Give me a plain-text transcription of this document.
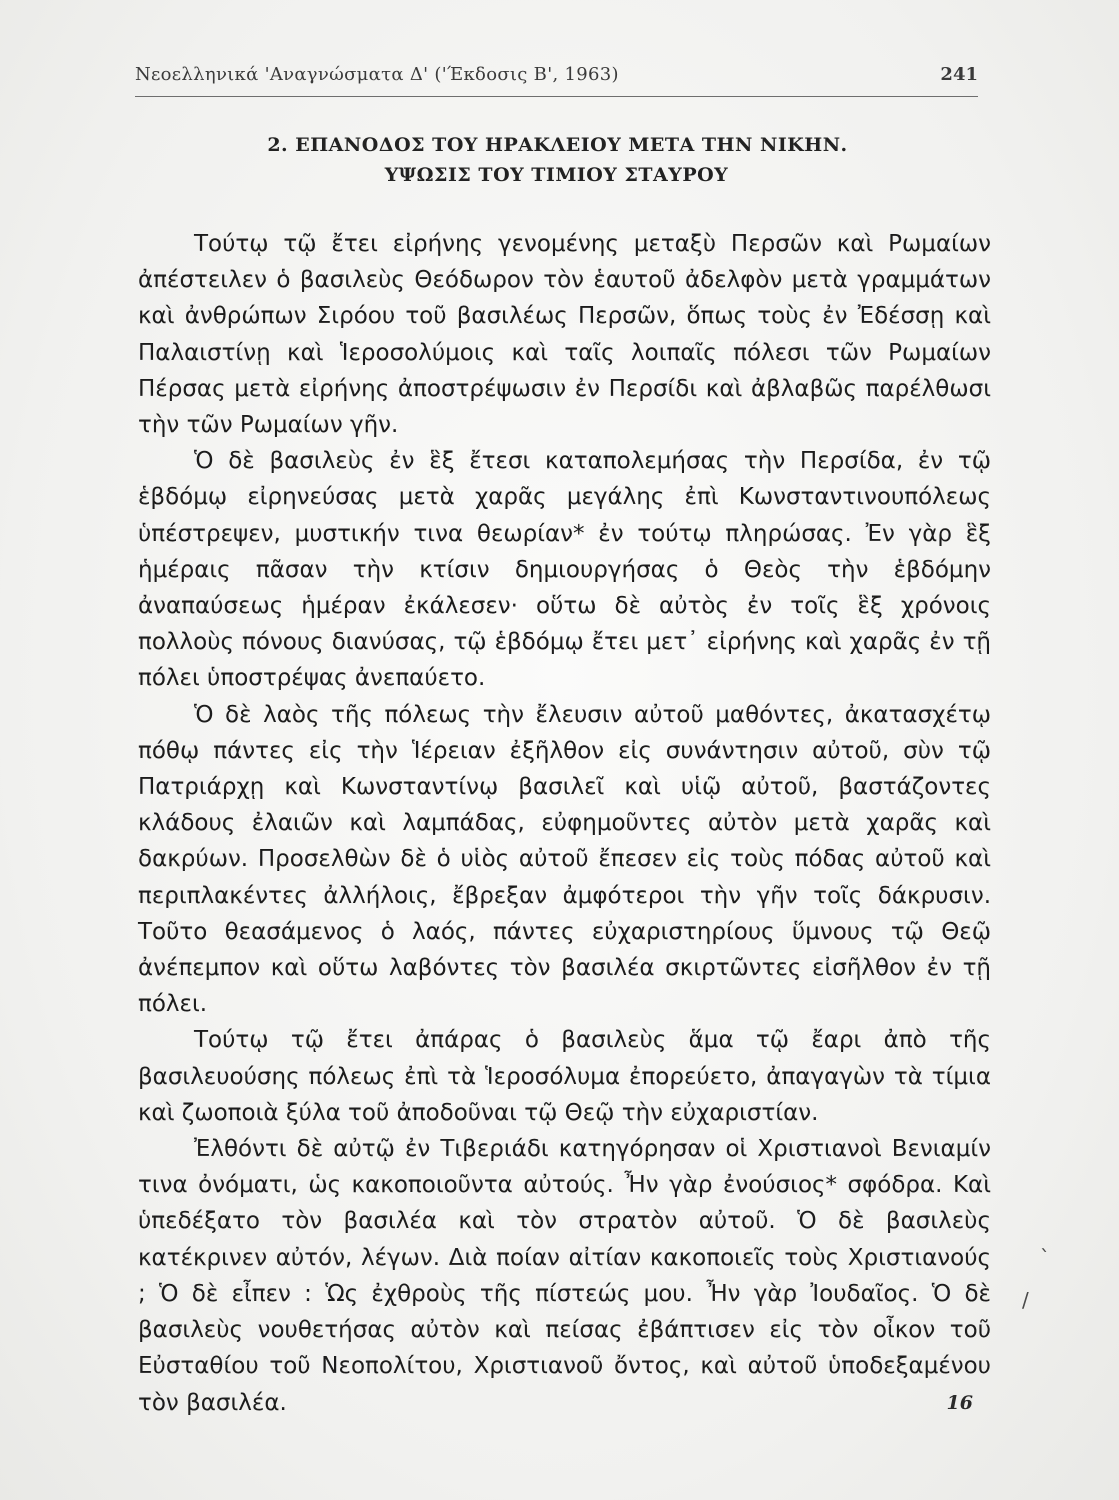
Νεοελληνικά 'Αναγνώσματα Δ' ('Έκδοσις Β', 1963)	241
2. ΕΠΑΝΟΔΟΣ ΤΟΥ ΗΡΑΚΛΕΙΟΥ ΜΕΤΑ ΤΗΝ ΝΙΚΗΝ.
ΥΨΩΣΙΣ ΤΟΥ ΤΙΜΙΟΥ ΣΤΑΥΡΟΥ

Τούτῳ τῷ ἔτει εἰρήνης γενομένης μεταξὺ Περσῶν καὶ Ρωμαίων ἀπέστειλεν ὁ βασιλεὺς Θεόδωρον τὸν ἑαυτοῦ ἀδελφὸν μετὰ γραμμάτων καὶ ἀνθρώπων Σιρόου τοῦ βασιλέως Περσῶν, ὅπως τοὺς ἐν Ἐδέσσῃ καὶ Παλαιστίνῃ καὶ Ἱεροσολύμοις καὶ ταῖς λοιπαῖς πόλεσι τῶν Ρωμαίων Πέρσας μετὰ εἰρήνης ἀποστρέψωσιν ἐν Περσίδι καὶ ἀβλαβῶς παρέλθωσι τὴν τῶν Ρωμαίων γῆν.

Ὁ δὲ βασιλεὺς ἐν ἓξ ἔτεσι καταπολεμήσας τὴν Περσίδα, ἐν τῷ ἑβδόμῳ εἰρηνεύσας μετὰ χαρᾶς μεγάλης ἐπὶ Κωνσταντινουπόλεως ὑπέστρεψεν, μυστικήν τινα θεωρίαν* ἐν τούτῳ πληρώσας. Ἐν γὰρ ἓξ ἡμέραις πᾶσαν τὴν κτίσιν δημιουργήσας ὁ Θεὸς τὴν ἑβδόμην ἀναπαύσεως ἡμέραν ἐκάλεσεν· οὕτω δὲ αὐτὸς ἐν τοῖς ἓξ χρόνοις πολλοὺς πόνους διανύσας, τῷ ἑβδόμῳ ἔτει μετ᾽ εἰρήνης καὶ χαρᾶς ἐν τῇ πόλει ὑποστρέψας ἀνεπαύετο.

Ὁ δὲ λαὸς τῆς πόλεως τὴν ἔλευσιν αὐτοῦ μαθόντες, ἀκατασχέτῳ πόθῳ πάντες εἰς τὴν Ἱέρειαν ἐξῆλθον εἰς συνάντησιν αὐτοῦ, σὺν τῷ Πατριάρχῃ καὶ Κωνσταντίνῳ βασιλεῖ καὶ υἱῷ αὐτοῦ, βαστάζοντες κλάδους ἐλαιῶν καὶ λαμπάδας, εὐφημοῦντες αὐτὸν μετὰ χαρᾶς καὶ δακρύων. Προσελθὼν δὲ ὁ υἱὸς αὐτοῦ ἔπεσεν εἰς τοὺς πόδας αὐτοῦ καὶ περιπλακέντες ἀλλήλοις, ἔβρεξαν ἀμφότεροι τὴν γῆν τοῖς δάκρυσιν. Τοῦτο θεασάμενος ὁ λαός, πάντες εὐχαριστηρίους ὕμνους τῷ Θεῷ ἀνέπεμπον καὶ οὕτω λαβόντες τὸν βασιλέα σκιρτῶντες εἰσῆλθον ἐν τῇ πόλει.

Τούτῳ τῷ ἔτει ἀπάρας ὁ βασιλεὺς ἅμα τῷ ἔαρι ἀπὸ τῆς βασιλευούσης πόλεως ἐπὶ τὰ Ἱεροσόλυμα ἐπορεύετο, ἀπαγαγὼν τὰ τίμια καὶ ζωοποιὰ ξύλα τοῦ ἀποδοῦναι τῷ Θεῷ τὴν εὐχαριστίαν.

Ἐλθόντι δὲ αὐτῷ ἐν Τιβεριάδι κατηγόρησαν οἱ Χριστιανοὶ Βενιαμίν τινα ὀνόματι, ὡς κακοποιοῦντα αὐτούς. Ἦν γὰρ ἐνούσιος* σφόδρα. Καὶ ὑπεδέξατο τὸν βασιλέα καὶ τὸν στρατὸν αὐτοῦ. Ὁ δὲ βασιλεὺς κατέκρινεν αὐτόν, λέγων. Διὰ ποίαν αἰτίαν κακοποιεῖς τοὺς Χριστιανούς ; Ὁ δὲ εἶπεν : Ὡς ἐχθροὺς τῆς πίστεώς μου. Ἦν γὰρ Ἰουδαῖος. Ὁ δὲ βασιλεὺς νουθετήσας αὐτὸν καὶ πείσας ἐβάπτισεν εἰς τὸν οἶκον τοῦ Εὐσταθίου τοῦ Νεοπολίτου, Χριστιανοῦ ὄντος, καὶ αὐτοῦ ὑποδεξαμένου τὸν βασιλέα.

ˎ
/
16
